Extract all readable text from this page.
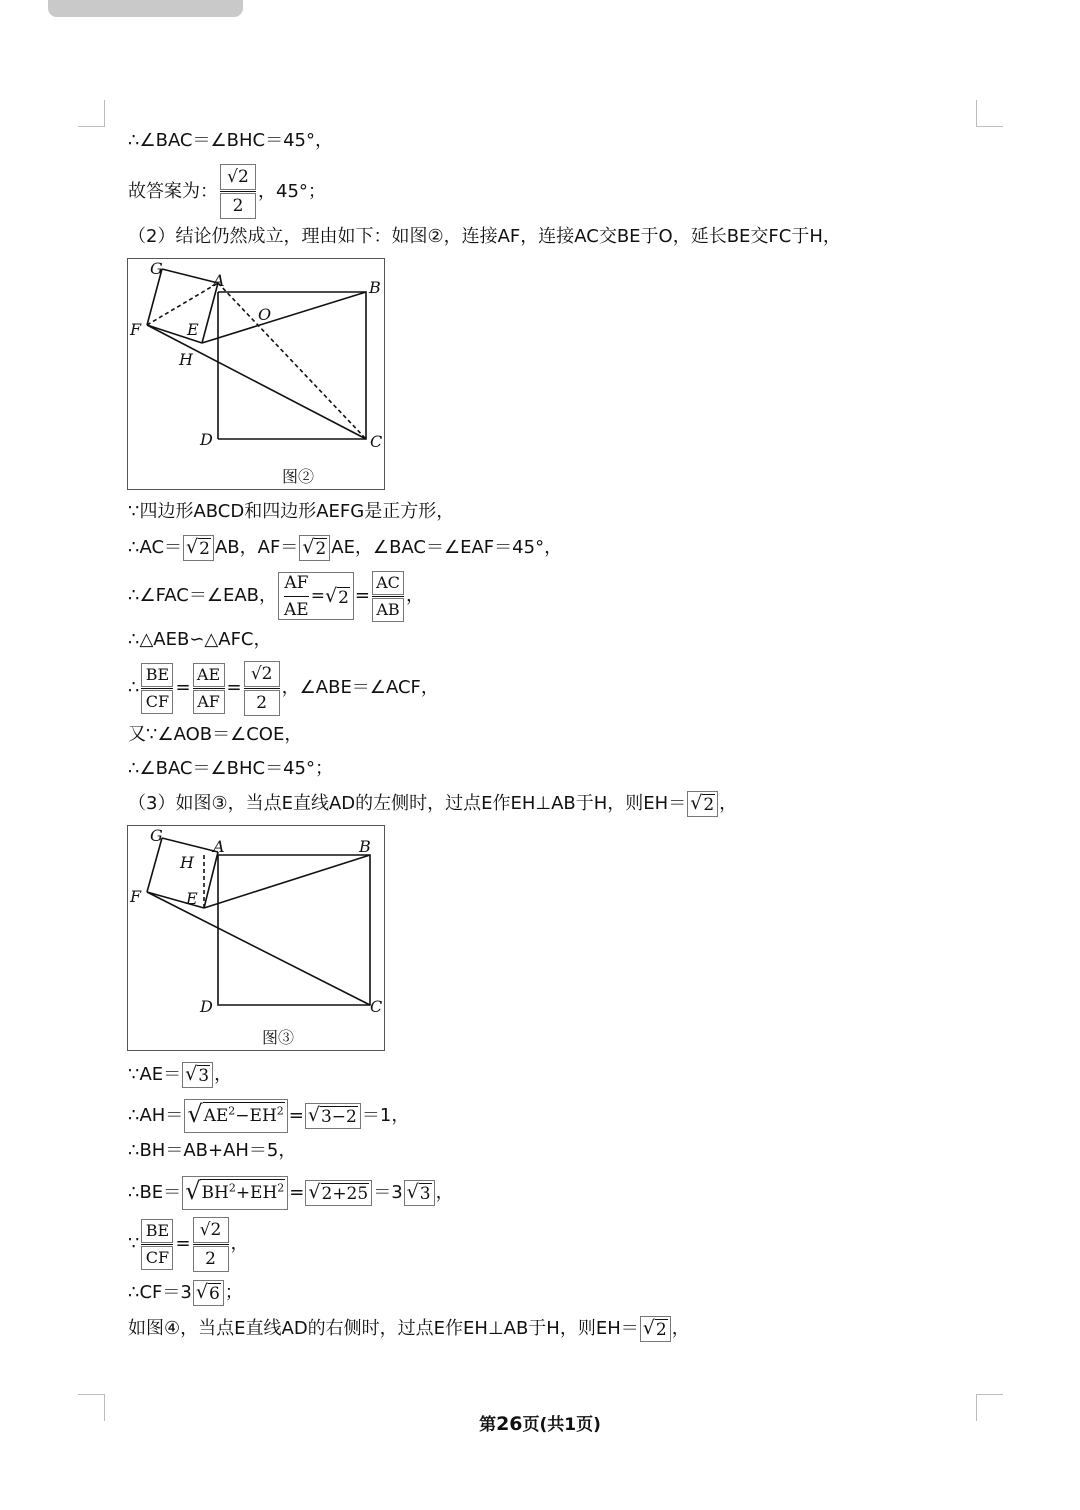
∴∠BAC＝∠BHC＝45°，
故答案为： $\frac{√2}{2}$ ，45°；
（2）结论仍然成立，理由如下：如图②，连接AF，连接AC交BE于O，延长BE交FC于H，
G
A	B
F	E
O
H
D	C
图②
∵四边形ABCD和四边形AEFG是正方形，
∴AC＝ √ 2 AB，AF＝ √ 2 AE，∠BAC＝∠EAF＝45°，
∴∠FAC＝∠EAB， $\frac{AF}{AE}$ = √ $2 = \frac{AC}{AB}$ ，
∴△AEB∽△AFC，
∴ $\frac{BE}{CF} = \frac{AE}{AF} = \frac{√2}{2}$ ，∠ABE＝∠ACF，
又∵∠AOB＝∠COE，
∴∠BAC＝∠BHC＝45°；
（3）如图③，当点E直线AD的左侧时，过点E作EH⊥AB于H，则EH＝ √ 2 ，
G
A	B
H
F	E
D	C
图③
∵AE＝ √ 3 ，
∴AH＝ √ $AE^2-EH^2$ = √ 3−2 ＝1，
∴BH＝AB+AH＝5，
∴BE＝ √ $BH^2+EH^2$ = √ 2+25 ＝3 √ 3 ，
∵ $\frac{BE}{CF} = \frac{√2}{2}$ ，
∴CF＝3 √ 6 ；
如图④，当点E直线AD的右侧时，过点E作EH⊥AB于H，则EH＝ √ 2 ，
第26页(共1页)
